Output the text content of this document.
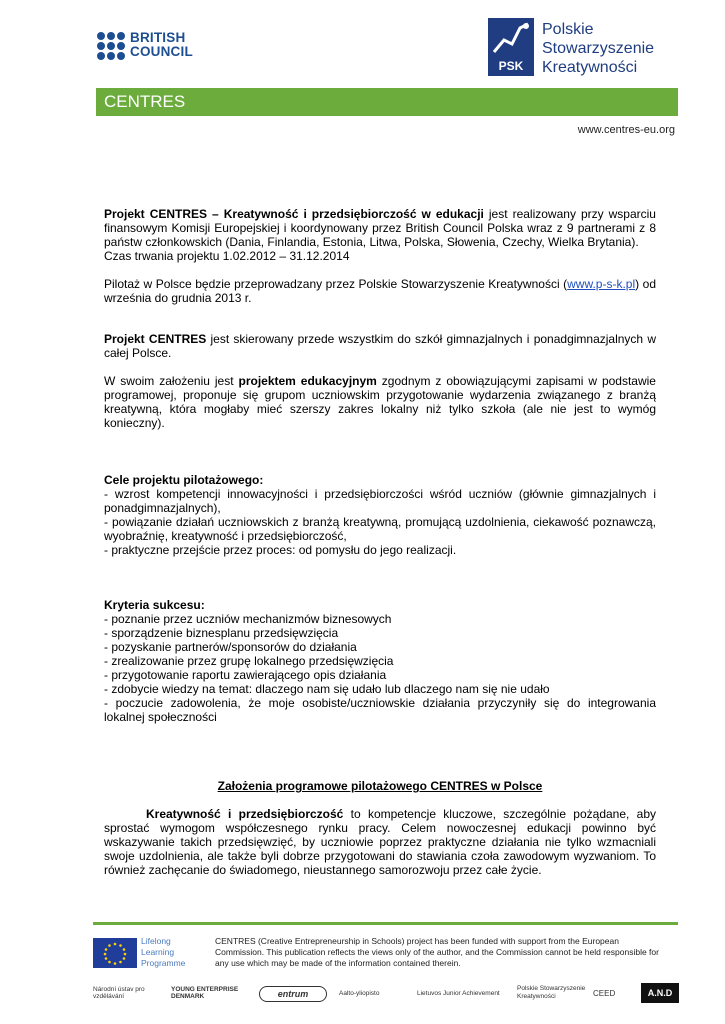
BRITISH
COUNCIL
PSK
Polskie
Stowarzyszenie
Kreatywności
CENTRES
www.centres-eu.org
Projekt CENTRES – Kreatywność i przedsiębiorczość w edukacji jest realizowany przy wsparciu finansowym Komisji Europejskiej i koordynowany przez British Council Polska wraz z 9 partnerami z 8 państw członkowskich (Dania, Finlandia, Estonia, Litwa, Polska, Słowenia, Czechy, Wielka Brytania).
Czas trwania projektu 1.02.2012 – 31.12.2014
Pilotaż w Polsce będzie przeprowadzany przez Polskie Stowarzyszenie Kreatywności (www.p-s-k.pl) od września do grudnia 2013 r.
Projekt CENTRES jest skierowany przede wszystkim do szkół gimnazjalnych i ponadgimnazjalnych w całej Polsce.
W swoim założeniu jest projektem edukacyjnym zgodnym z obowiązującymi zapisami w podstawie programowej, proponuje się grupom uczniowskim przygotowanie wydarzenia związanego z branżą kreatywną, która mogłaby mieć szerszy zakres lokalny niż tylko szkoła (ale nie jest to wymóg konieczny).
Cele projektu pilotażowego:
- wzrost kompetencji innowacyjności i przedsiębiorczości wśród uczniów (głównie gimnazjalnych i ponadgimnazjalnych),
- powiązanie działań uczniowskich z branżą kreatywną, promującą uzdolnienia, ciekawość poznawczą, wyobraźnię, kreatywność i przedsiębiorczość,
- praktyczne przejście przez proces: od pomysłu do jego realizacji.
Kryteria sukcesu:
- poznanie przez uczniów mechanizmów biznesowych
- sporządzenie biznesplanu przedsięwzięcia
- pozyskanie partnerów/sponsorów do działania
- zrealizowanie przez grupę lokalnego przedsięwzięcia
- przygotowanie raportu zawierającego opis działania
- zdobycie wiedzy na temat: dlaczego nam się udało lub dlaczego nam się nie udało
- poczucie zadowolenia, że moje osobiste/uczniowskie działania przyczyniły się do integrowania lokalnej społeczności
Założenia programowe pilotażowego CENTRES w Polsce
Kreatywność i przedsiębiorczość to kompetencje kluczowe, szczególnie pożądane, aby sprostać wymogom współczesnego rynku pracy. Celem nowoczesnej edukacji powinno być wskazywanie takich przedsięwzięć, by uczniowie poprzez praktyczne działania nie tylko wzmacniali swoje uzdolnienia, ale także byli dobrze przygotowani do stawiania czoła zawodowym wyzwaniom. To również zachęcanie do świadomego, nieustannego samorozwoju przez całe życie.
Lifelong
Learning
Programme
CENTRES (Creative Entrepreneurship in Schools) project has been funded with support from the European Commission. This publication reflects the views only of the author, and the Commission cannot be held responsible for any use which may be made of the information contained therein.
Národní ústav pro vzdělávání
YOUNG ENTERPRISE DENMARK	entrum	Aalto-yliopisto	Lietuvos Junior Achievement
Polskie Stowarzyszenie Kreatywności	CEED	A.N.D
